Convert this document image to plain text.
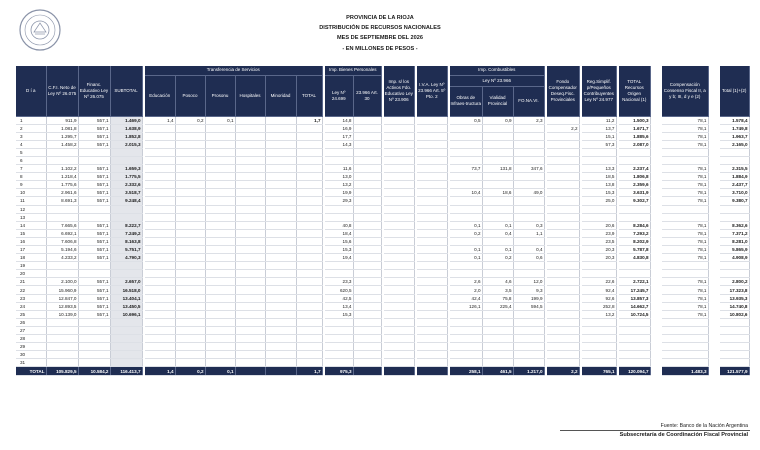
PROVINCIA DE LA RIOJA
DISTRIBUCIÓN DE RECURSOS NACIONALES
MES DE SEPTIEMBRE DEL 2026
- EN MILLONES DE PESOS -
D í a	C.F.I. Neto de Ley Nº 26.075	Financ. Educativo Ley Nº 26.075	SUBTOTAL		Transferencia de Servicios							Imp. Bienes Personales			Imp. s/ los Activos Fdo. Educativo Ley Nº 23.906		I.V.A. Ley Nº 23.966 Art. 5º Pto. 2		Imp. Combustibles				Fondo Compensador Deseq.Fisc. Provinciales		Reg.Simplif. p/Pequeños Contribuyentes Ley Nº 24.977		TOTAL Recursos Origen Nacional (1)		Compensación Consenso Fiscal II, a y b; III, d y e (2)		Total (1)+(2)
					Educación	Posoco	Prosonu	Hospitales	Minoridad	TOTAL		Ley Nº 24.699	23.966 Art. 30						Ley Nº 23.966												
																			Obras de Infraes-tructura	Vialidad Provincial	FO.NA.VI.										
1	911,9	557,1	1.469,0		1,4	0,2	0,1			1,7		14,8							0,5	0,9	2,3				11,2		1.500,3		78,1		1.578,4
2	1.081,8	557,1	1.638,9									16,9											2,2		13,7		1.671,7		78,1		1.749,8
3	1.295,7	557,1	1.852,8									17,7													15,1		1.885,6		78,1		1.963,7
4	1.458,2	557,1	2.015,3									14,3													57,3		2.087,0		78,1		2.165,0
5																															
6																															
7	1.102,2	557,1	1.659,3									11,6							73,7	131,8	347,6				13,3		2.237,4		78,1		2.315,5
8	1.218,4	557,1	1.775,5									13,0													18,5		1.806,8		78,1		1.884,9
9	1.775,6	557,1	2.332,6									13,2													13,8		2.359,6		78,1		2.437,7
10	2.961,6	557,1	3.518,7									19,9							10,4	18,6	49,0				15,3		3.631,9		78,1		3.710,0
11	8.691,3	557,1	9.248,4									29,3													25,0		9.302,7		78,1		9.380,7
12																															
13																															
14	7.665,6	557,1	8.222,7									40,8							0,1	0,1	0,3				20,6		8.284,6		78,1		8.362,6
15	6.692,1	557,1	7.249,2									18,4							0,2	0,4	1,1				23,9		7.293,2		78,1		7.371,2
16	7.606,8	557,1	8.163,8									15,6													23,5		8.202,9		78,1		8.281,0
17	5.194,6	557,1	5.751,7									15,3							0,1	0,1	0,4				20,3		5.787,8		78,1		5.865,9
18	4.233,2	557,1	4.790,3									19,4							0,1	0,2	0,6				20,3		4.830,8		78,1		4.908,9
19																															
20																															
21	2.100,0	557,1	2.657,0									23,3							2,6	4,6	12,0				22,6		2.722,1		78,1		2.800,2
22	15.960,9	557,1	16.518,0									620,5							2,0	3,5	9,3				92,4		17.245,7		78,1		17.323,8
23	12.847,0	557,1	13.404,1									42,5							42,4	75,8	199,9				92,6		13.857,3		78,1		13.935,3
24	12.893,5	557,1	13.450,5									13,4							126,1	225,4	594,5				252,8		14.662,7		78,1		14.740,8
25	10.139,0	557,1	10.696,1									15,3													13,2		10.724,5		78,1		10.802,6
26																															
27																															
28																															
29																															
30																															
31																															
TOTAL	105.829,5	10.584,2	116.413,7		1,4	0,2	0,1			1,7		975,3							258,1	461,5	1.217,0		2,2		765,1		120.094,7		1.483,3		121.577,9
Fuente: Banco de la Nación Argentina
Subsecretaría de Coordinación Fiscal Provincial
